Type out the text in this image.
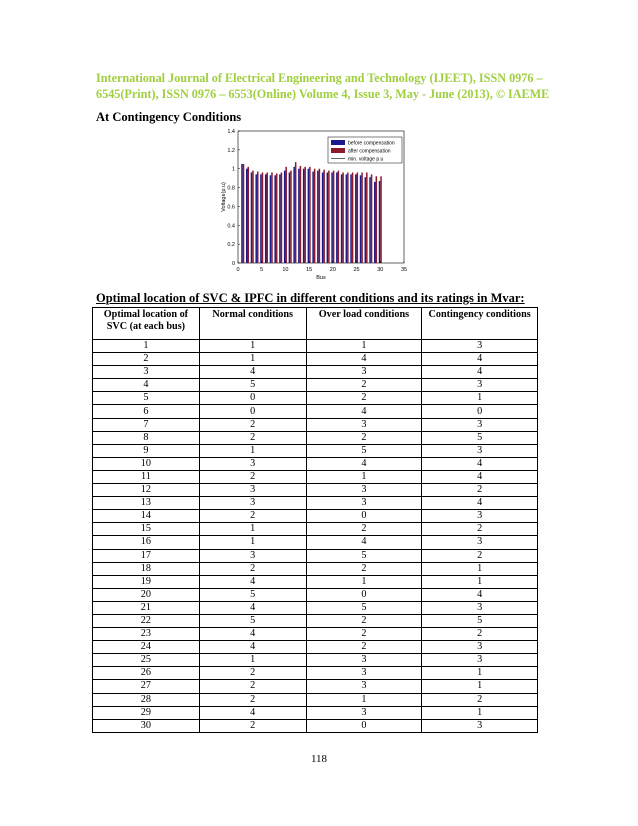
International Journal of Electrical Engineering and Technology (IJEET), ISSN 0976 –
6545(Print), ISSN 0976 – 6553(Online) Volume 4, Issue 3, May - June (2013), © IAEME
At Contingency Conditions
0	5	10	15	20	25	30	35
0
0.2
0.4
0.6
0.8
1
1.2
1.4
Bus
Voltage(p.u)
before compensation
after compensation
min. voltage p.u
Optimal location of SVC & IPFC in different conditions and its ratings in Mvar:
Optimal location of SVC (at each bus)	Normal conditions	Over load conditions	Contingency conditions
1	1	1	3
2	1	4	4
3	4	3	4
4	5	2	3
5	0	2	1
6	0	4	0
7	2	3	3
8	2	2	5
9	1	5	3
10	3	4	4
11	2	1	4
12	3	3	2
13	3	3	4
14	2	0	3
15	1	2	2
16	1	4	3
17	3	5	2
18	2	2	1
19	4	1	1
20	5	0	4
21	4	5	3
22	5	2	5
23	4	2	2
24	4	2	3
25	1	3	3
26	2	3	1
27	2	3	1
28	2	1	2
29	4	3	1
30	2	0	3
118
